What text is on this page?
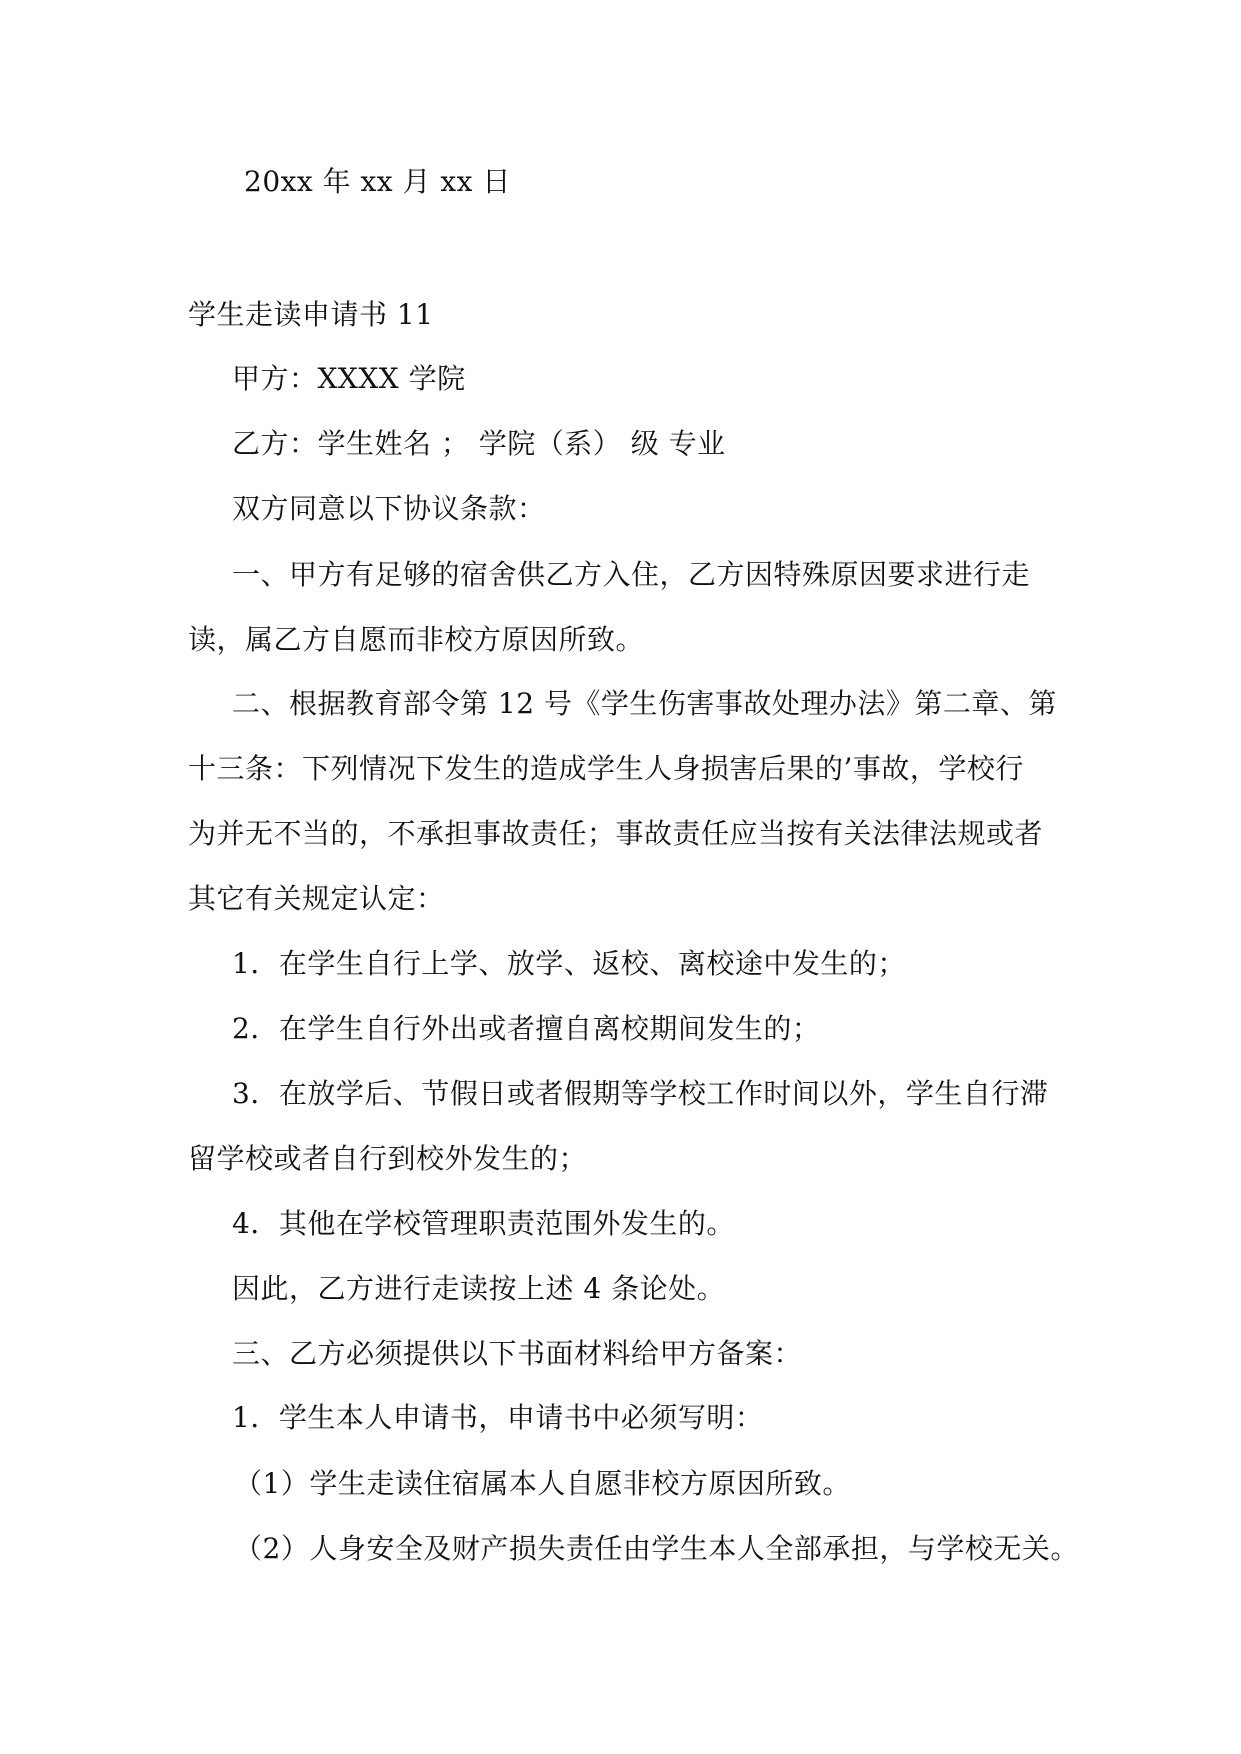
20xx 年 xx 月 xx 日
学生走读申请书 11
甲方：XXXX 学院
乙方：学生姓名 ； 学院（系） 级 专业
双方同意以下协议条款：
一、甲方有足够的宿舍供乙方入住，乙方因特殊原因要求进行走
读，属乙方自愿而非校方原因所致。
二、根据教育部令第 12 号《学生伤害事故处理办法》第二章、第
十三条：下列情况下发生的造成学生人身损害后果的’事故，学校行
为并无不当的，不承担事故责任；事故责任应当按有关法律法规或者
其它有关规定认定：
1．在学生自行上学、放学、返校、离校途中发生的；
2．在学生自行外出或者擅自离校期间发生的；
3．在放学后、节假日或者假期等学校工作时间以外，学生自行滞
留学校或者自行到校外发生的；
4．其他在学校管理职责范围外发生的。
因此，乙方进行走读按上述 4 条论处。
三、乙方必须提供以下书面材料给甲方备案：
1．学生本人申请书，申请书中必须写明：
（1）学生走读住宿属本人自愿非校方原因所致。
（2）人身安全及财产损失责任由学生本人全部承担，与学校无关。
